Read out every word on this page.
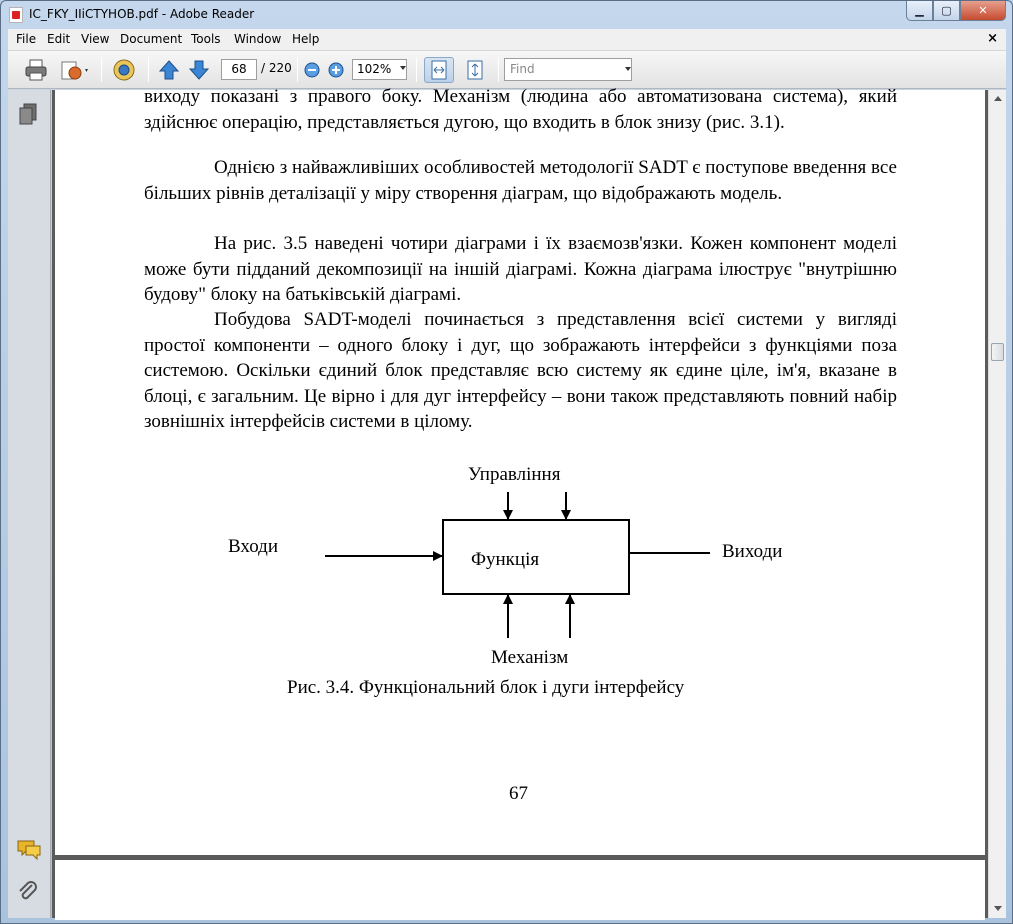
IC_FKY_IIiCTYHOB.pdf - Adobe Reader	▁	▢	✕
File Edit View Document Tools Window Help	×
68	/ 220	102%	Find

виходу показані з правого боку. Механізм (людина або автоматизована система), який здійснює операцію, представляється дугою, що входить в блок знизу (рис. 3.1).

Однією з найважливіших особливостей методології SADT є поступове введення все більших рівнів деталізації у міру створення діаграм, що відображають модель.

На рис. 3.5 наведені чотири діаграми і їх взаємозв'язки. Кожен компонент моделі може бути підданий декомпозиції на іншій діаграмі. Кожна діаграма ілюструє "внутрішню будову" блоку на батьківській діаграмі.

Побудова SADT-моделі починається з представлення всієї системи у вигляді простої компоненти – одного блоку і дуг, що зображають інтерфейси з функціями поза системою. Оскільки єдиний блок представляє всю систему як єдине ціле, ім'я, вказане в блоці, є загальним. Це вірно і для дуг інтерфейсу – вони також представляють повний набір зовнішніх інтерфейсів системи в цілому.

Управління
Входи	Виходи
Функція
Механізм
Рис. 3.4. Функціональний блок і дуги інтерфейсу
67
